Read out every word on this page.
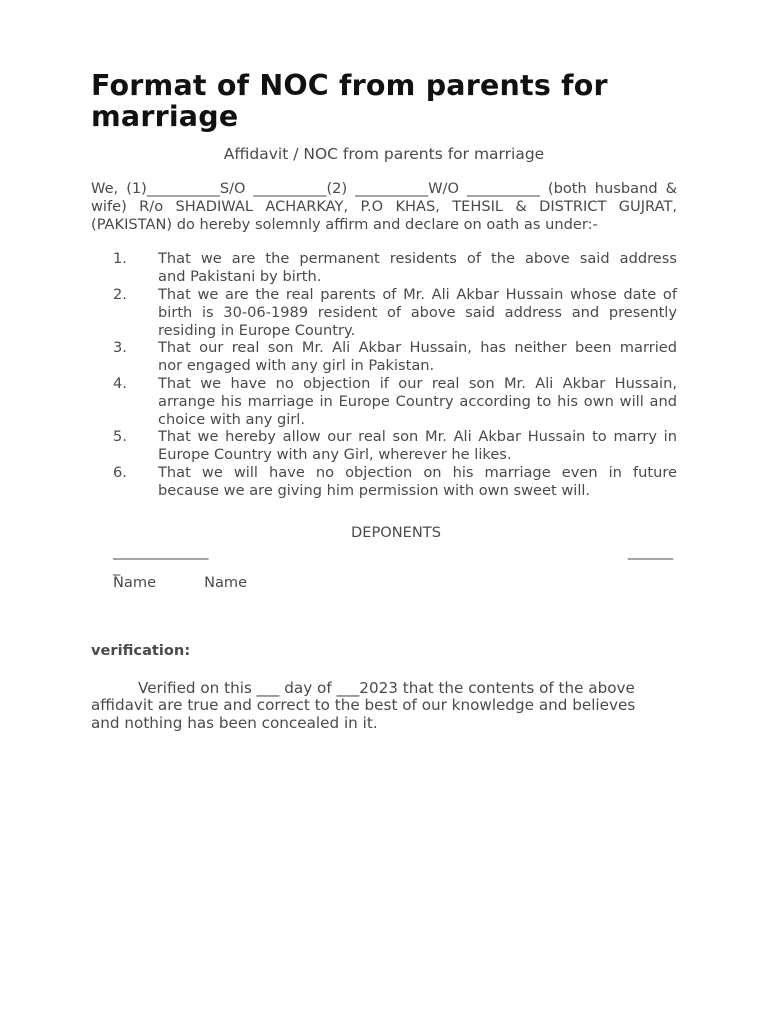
Format of NOC from parents for marriage

Affidavit / NOC from parents for marriage

We, (1)__________S/O __________(2) __________W/O __________ (both husband & wife) R/o SHADIWAL ACHARKAY, P.O KHAS, TEHSIL & DISTRICT GUJRAT, (PAKISTAN) do hereby solemnly affirm and declare on oath as under:-

1. That we are the permanent residents of the above said address and Pakistani by birth.
2. That we are the real parents of Mr. Ali Akbar Hussain whose date of birth is 30-06-1989 resident of above said address and presently residing in Europe Country.
3. That our real son Mr. Ali Akbar Hussain, has neither been married nor engaged with any girl in Pakistan.
4. That we have no objection if our real son Mr. Ali Akbar Hussain, arrange his marriage in Europe Country according to his own will and choice with any girl.
5. That we hereby allow our real son Mr. Ali Akbar Hussain to marry in Europe Country with any Girl, wherever he likes.
6. That we will have no objection on his marriage even in future because we are giving him permission with own sweet will.

DEPONENTS

_______________
_
_______

Name	Name

verification:

Verified on this ___ day of ___2023 that the contents of the above affidavit are true and correct to the best of our knowledge and believes and nothing has been concealed in it.
